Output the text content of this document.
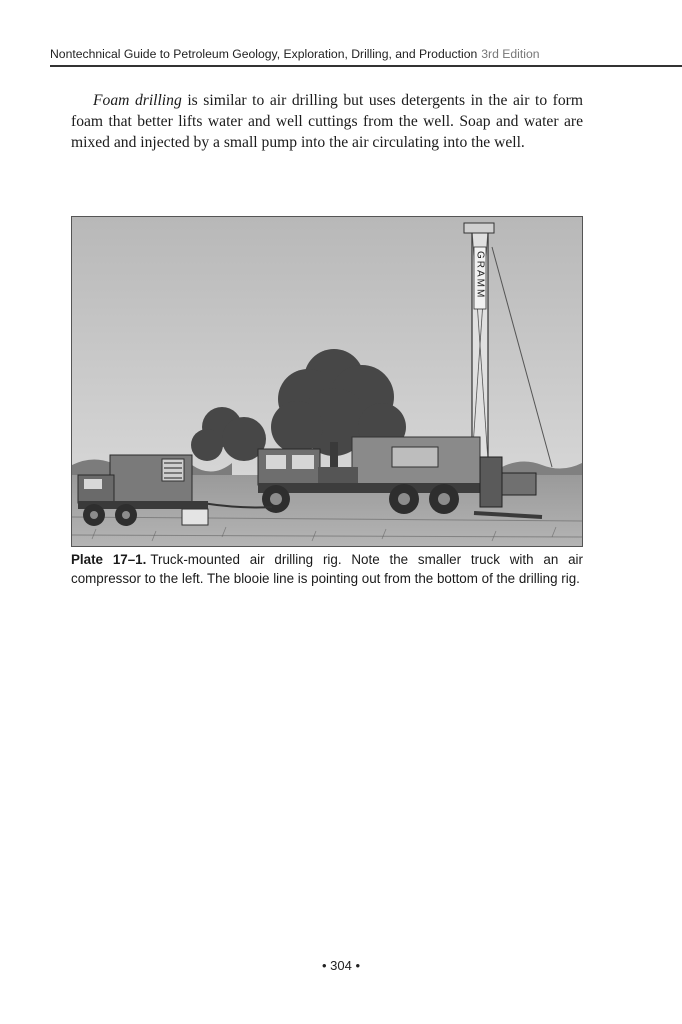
Nontechnical Guide to Petroleum Geology, Exploration, Drilling, and Production 3rd Edition

Foam drilling is similar to air drilling but uses detergents in the air to form foam that better lifts water and well cuttings from the well. Soap and water are mixed and injected by a small pump into the air circulating into the well.

GRAMM

Plate 17–1. Truck-mounted air drilling rig. Note the smaller truck with an air compressor to the left. The blooie line is pointing out from the bottom of the drilling rig.

• 304 •
